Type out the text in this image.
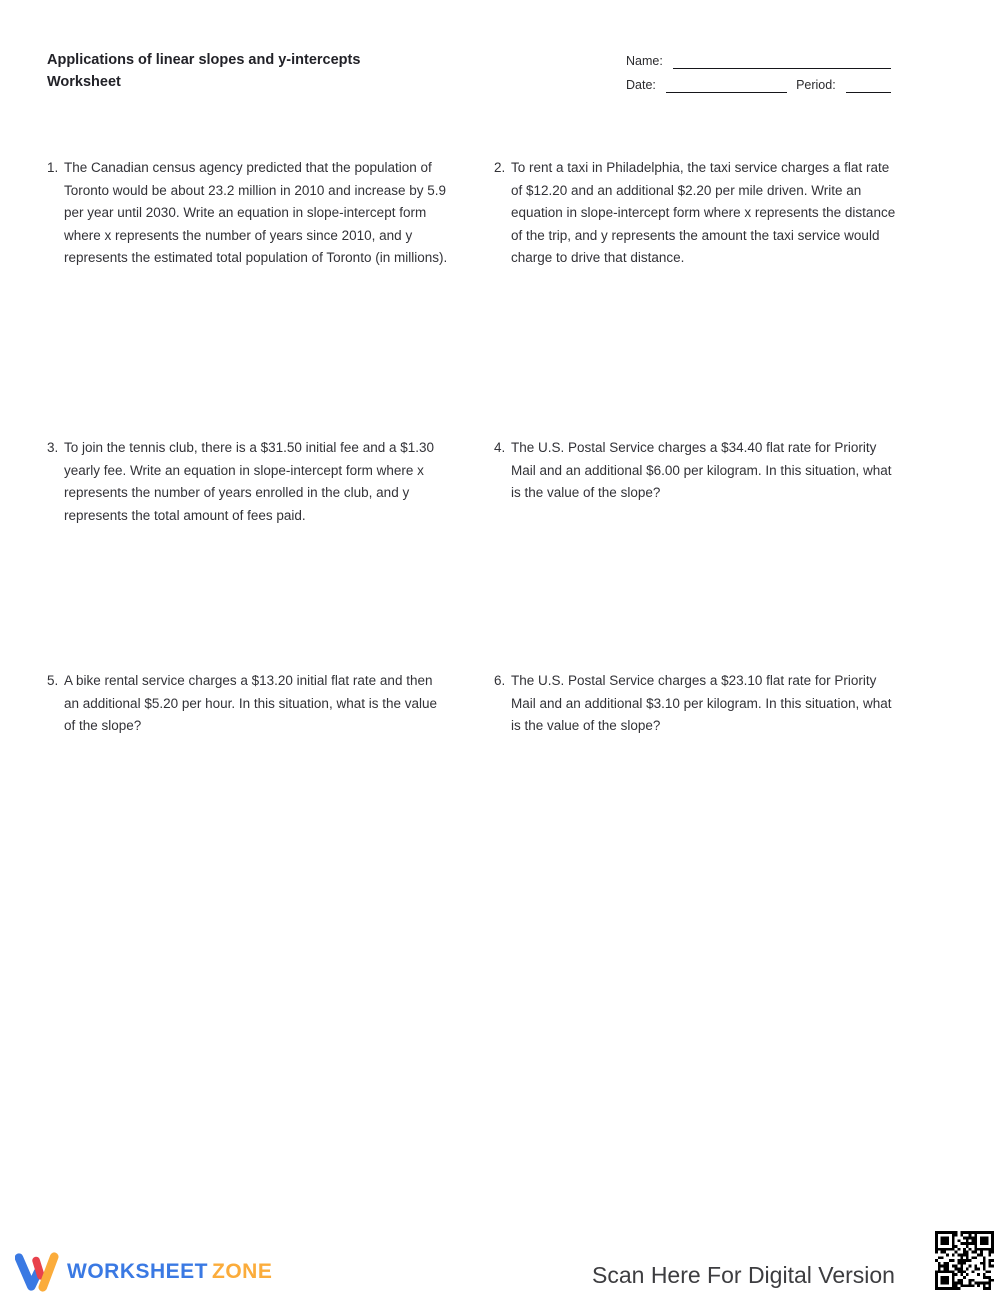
Applications of linear slopes and y-intercepts
Worksheet
Name:
Date:	Period:
1. The Canadian census agency predicted that the population of Toronto would be about 23.2 million in 2010 and increase by 5.9 per year until 2030. Write an equation in slope-intercept form where x represents the number of years since 2010, and y represents the estimated total population of Toronto (in millions).
2. To rent a taxi in Philadelphia, the taxi service charges a flat rate of $12.20 and an additional $2.20 per mile driven. Write an equation in slope-intercept form where x represents the distance of the trip, and y represents the amount the taxi service would charge to drive that distance.
3. To join the tennis club, there is a $31.50 initial fee and a $1.30 yearly fee. Write an equation in slope-intercept form where x represents the number of years enrolled in the club, and y represents the total amount of fees paid.
4. The U.S. Postal Service charges a $34.40 flat rate for Priority Mail and an additional $6.00 per kilogram. In this situation, what is the value of the slope?
5. A bike rental service charges a $13.20 initial flat rate and then an additional $5.20 per hour. In this situation, what is the value of the slope?
6. The U.S. Postal Service charges a $23.10 flat rate for Priority Mail and an additional $3.10 per kilogram. In this situation, what is the value of the slope?
WORKSHEET ZONE	Scan Here For Digital Version
